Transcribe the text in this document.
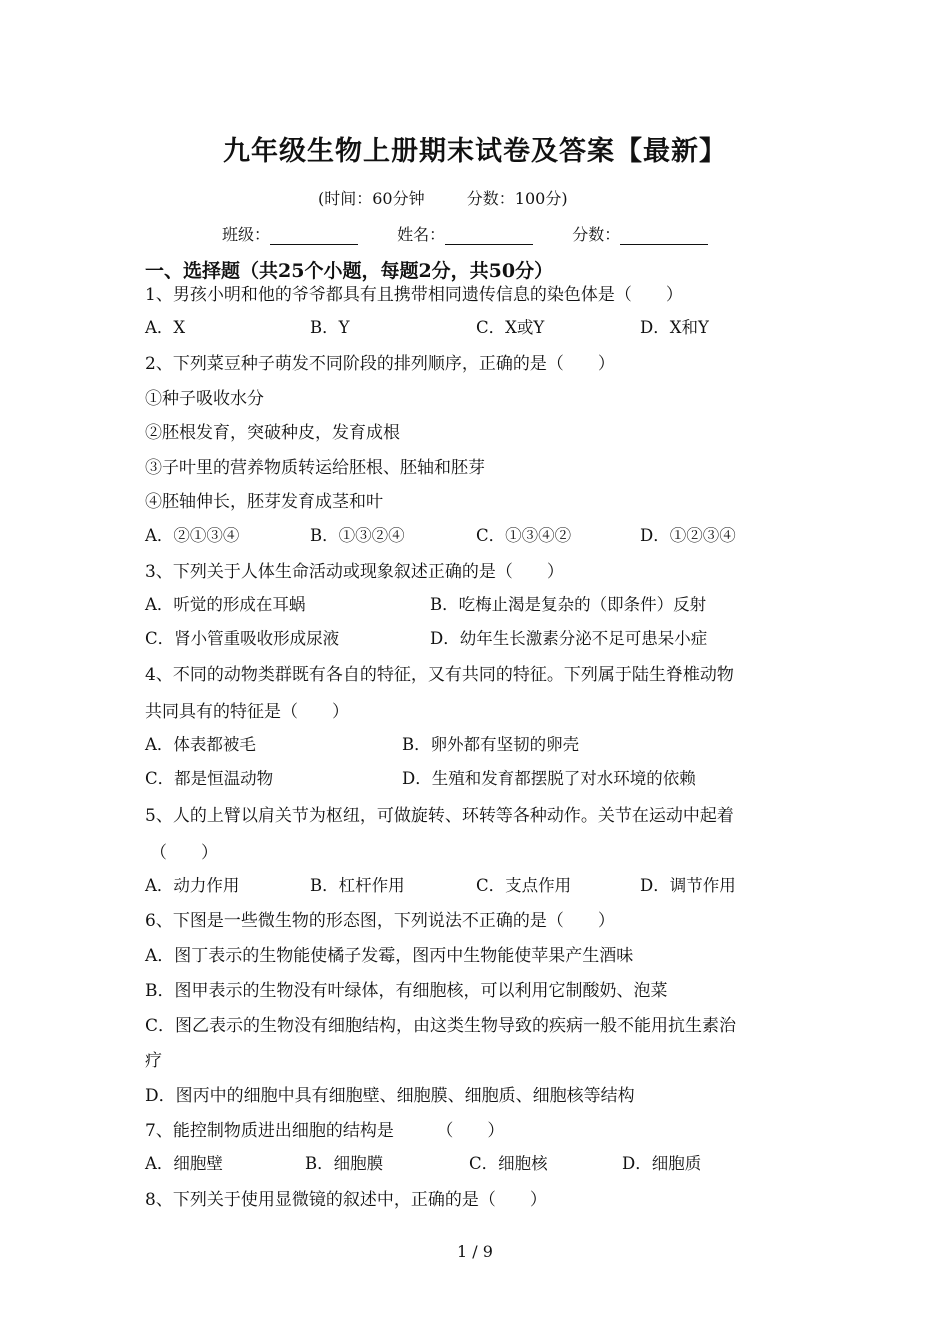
九年级生物上册期末试卷及答案【最新】
(时间：60分钟	分数：100分)
班级：	姓名：	分数：
一、选择题（共25个小题，每题2分，共50分）
1、男孩小明和他的爷爷都具有且携带相同遗传信息的染色体是（　　）
A．X	B．Y	C．X或Y	D．X和Y
2、下列菜豆种子萌发不同阶段的排列顺序，正确的是（　　）
①种子吸收水分
②胚根发育，突破种皮，发育成根
③子叶里的营养物质转运给胚根、胚轴和胚芽
④胚轴伸长，胚芽发育成茎和叶
A．②①③④	B．①③②④	C．①③④②	D．①②③④
3、下列关于人体生命活动或现象叙述正确的是（　　）
A．听觉的形成在耳蜗	B．吃梅止渴是复杂的（即条件）反射
C．肾小管重吸收形成尿液	D．幼年生长激素分泌不足可患呆小症
4、不同的动物类群既有各自的特征，又有共同的特征。下列属于陆生脊椎动物
共同具有的特征是（　　）
A．体表都被毛	B．卵外都有坚韧的卵壳
C．都是恒温动物	D．生殖和发育都摆脱了对水环境的依赖
5、人的上臂以肩关节为枢纽，可做旋转、环转等各种动作。关节在运动中起着
（　　）
A．动力作用	B．杠杆作用	C．支点作用	D．调节作用
6、下图是一些微生物的形态图，下列说法不正确的是（　　）
A．图丁表示的生物能使橘子发霉，图丙中生物能使苹果产生酒味
B．图甲表示的生物没有叶绿体，有细胞核，可以利用它制酸奶、泡菜
C．图乙表示的生物没有细胞结构，由这类生物导致的疾病一般不能用抗生素治
疗
D．图丙中的细胞中具有细胞壁、细胞膜、细胞质、细胞核等结构
7、能控制物质进出细胞的结构是　　　（　　）
A．细胞壁	B．细胞膜	C．细胞核	D．细胞质
8、下列关于使用显微镜的叙述中，正确的是（　　）
1 / 9
